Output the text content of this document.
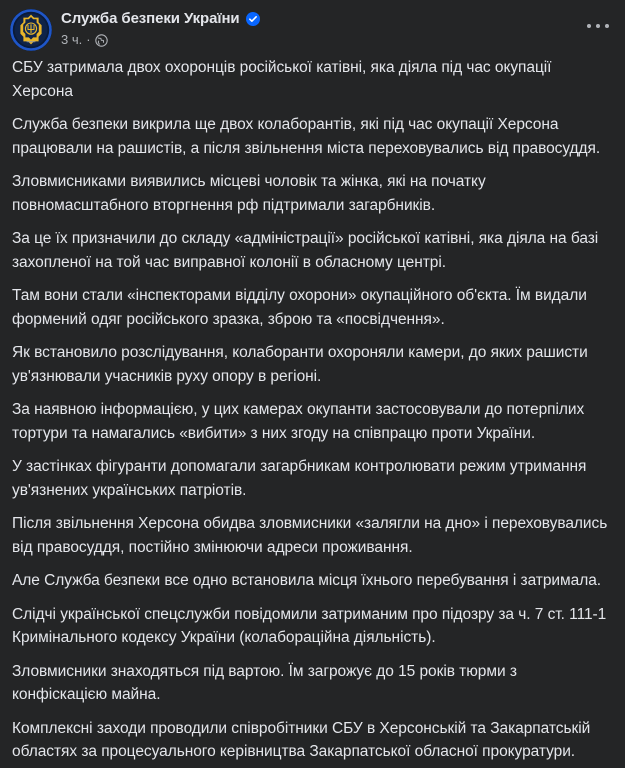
Служба безпеки України
3 ч. ·

СБУ затримала двох охоронців російської катівні, яка діяла під час окупації Херсона

Служба безпеки викрила ще двох колаборантів, які під час окупації Херсона працювали на рашистів, а після звільнення міста переховувались від правосуддя.

Зловмисниками виявились місцеві чоловік та жінка, які на початку повномасштабного вторгнення рф підтримали загарбників.

За це їх призначили до складу «адміністрації» російської катівні, яка діяла на базі захопленої на той час виправної колонії в обласному центрі.

Там вони стали «інспекторами відділу охорони» окупаційного об'єкта. Їм видали формений одяг російського зразка, зброю та «посвідчення».

Як встановило розслідування, колаборанти охороняли камери, до яких рашисти ув'язнювали учасників руху опору в регіоні.

За наявною інформацією, у цих камерах окупанти застосовували до потерпілих тортури та намагались «вибити» з них згоду на співпрацю проти України.

У застінках фігуранти допомагали загарбникам контролювати режим утримання ув'язнених українських патріотів.

Після звільнення Херсона обидва зловмисники «залягли на дно» і переховувались від правосуддя, постійно змінюючи адреси проживання.

Але Служба безпеки все одно встановила місця їхнього перебування і затримала.

Слідчі української спецслужби повідомили затриманим про підозру за ч. 7 ст. 111-1 Кримінального кодексу України (колабораційна діяльність).

Зловмисники знаходяться під вартою. Їм загрожує до 15 років тюрми з конфіскацією майна.

Комплексні заходи проводили співробітники СБУ в Херсонській та Закарпатській областях за процесуального керівництва Закарпатської обласної прокуратури.
